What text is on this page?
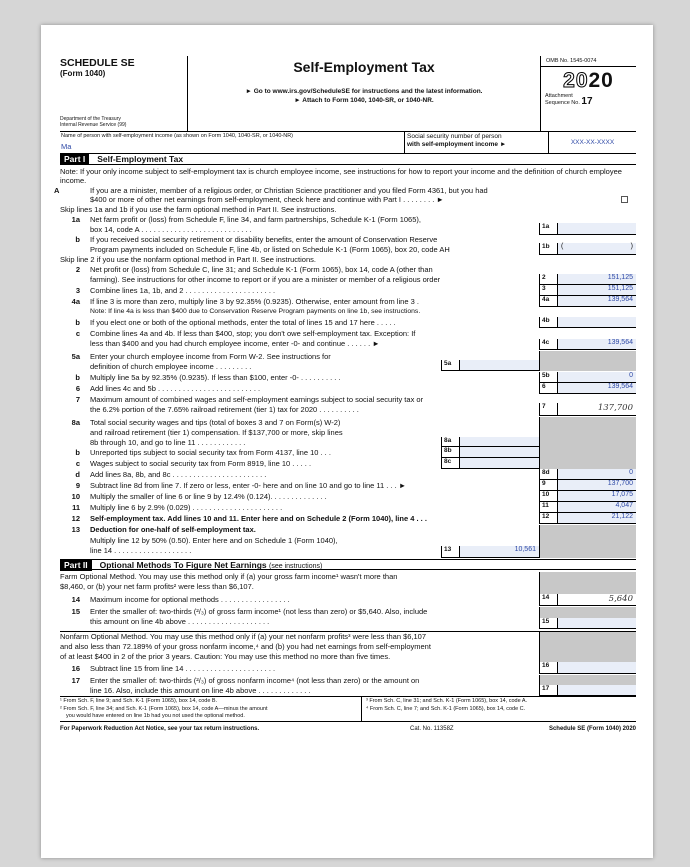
SCHEDULE SE
(Form 1040)
Department of the Treasury
Internal Revenue Service (99)
Self-Employment Tax
► Go to www.irs.gov/ScheduleSE for instructions and the latest information.
► Attach to Form 1040, 1040-SR, or 1040-NR.
OMB No. 1545-0074
2020
Attachment
Sequence No. 17
Name of person with self-employment income (as shown on Form 1040, 1040-SR, or 1040-NR)
Ma
Social security number of person
with self-employment income ►	XXX-XX-XXXX
Part I Self-Employment Tax
Note: If your only income subject to self-employment tax is church employee income, see instructions for how to report your income and the definition of church employee income.
A	If you are a minister, member of a religious order, or Christian Science practitioner and you filed Form 4361, but you had
$400 or more of other net earnings from self-employment, check here and continue with Part I . . . . . . . . ►
Skip lines 1a and 1b if you use the farm optional method in Part II. See instructions.
1a Net farm profit or (loss) from Schedule F, line 34, and farm partnerships, Schedule K-1 (Form 1065),
box 14, code A . . . . . . . . . . . . . . . . . . . . . . . . . . .	1a
b If you received social security retirement or disability benefits, enter the amount of Conservation Reserve
Program payments included on Schedule F, line 4b, or listed on Schedule K-1 (Form 1065), box 20, code AH	1b	(	)
Skip line 2 if you use the nonfarm optional method in Part II. See instructions.
2 Net profit or (loss) from Schedule C, line 31; and Schedule K-1 (Form 1065), box 14, code A (other than
farming). See instructions for other income to report or if you are a minister or member of a religious order	2	151,125
3 Combine lines 1a, 1b, and 2 . . . . . . . . . . . . . . . . . . . . . .	3	151,125
4a If line 3 is more than zero, multiply line 3 by 92.35% (0.9235). Otherwise, enter amount from line 3 .	4a	139,564
Note: If line 4a is less than $400 due to Conservation Reserve Program payments on line 1b, see instructions.
b If you elect one or both of the optional methods, enter the total of lines 15 and 17 here . . . . .	4b
c Combine lines 4a and 4b. If less than $400, stop; you don't owe self-employment tax. Exception: If
less than $400 and you had church employee income, enter -0- and continue . . . . . . ►	4c	139,564
5a Enter your church employee income from Form W-2. See instructions for
definition of church employee income . . . . . . . . .	5a
b Multiply line 5a by 92.35% (0.9235). If less than $100, enter -0- . . . . . . . . . .	5b	0
6 Add lines 4c and 5b . . . . . . . . . . . . . . . . . . . . . . . . .	6	139,564
7 Maximum amount of combined wages and self-employment earnings subject to social security tax or
the 6.2% portion of the 7.65% railroad retirement (tier 1) tax for 2020 . . . . . . . . . .	7	137,700
8a Total social security wages and tips (total of boxes 3 and 7 on Form(s) W-2)
and railroad retirement (tier 1) compensation. If $137,700 or more, skip lines
8b through 10, and go to line 11 . . . . . . . . . . . .	8a
b Unreported tips subject to social security tax from Form 4137, line 10 . . .	8b
c Wages subject to social security tax from Form 8919, line 10 . . . . .	8c
d Add lines 8a, 8b, and 8c . . . . . . . . . . . . . . . . . . . . . . .	8d	0
9 Subtract line 8d from line 7. If zero or less, enter -0- here and on line 10 and go to line 11 . . . ►	9	137,700
10 Multiply the smaller of line 6 or line 9 by 12.4% (0.124). . . . . . . . . . . . . .	10	17,075
11 Multiply line 6 by 2.9% (0.029) . . . . . . . . . . . . . . . . . . . . . .	11	4,047
12 Self-employment tax. Add lines 10 and 11. Enter here and on Schedule 2 (Form 1040), line 4 . . .	12	21,122
13 Deduction for one-half of self-employment tax.
Multiply line 12 by 50% (0.50). Enter here and on Schedule 1 (Form 1040),
line 14 . . . . . . . . . . . . . . . . . . .	13	10,561
Part II Optional Methods To Figure Net Earnings (see instructions)
Farm Optional Method. You may use this method only if (a) your gross farm income¹ wasn't more than
$8,460, or (b) your net farm profits² were less than $6,107.
14 Maximum income for optional methods . . . . . . . . . . . . . . . . .	14	5,640
15 Enter the smaller of: two-thirds (²/₃) of gross farm income¹ (not less than zero) or $5,640. Also, include
this amount on line 4b above . . . . . . . . . . . . . . . . . . . .	15
Nonfarm Optional Method. You may use this method only if (a) your net nonfarm profits³ were less than $6,107
and also less than 72.189% of your gross nonfarm income,⁴ and (b) you had net earnings from self-employment
of at least $400 in 2 of the prior 3 years. Caution: You may use this method no more than five times.
16 Subtract line 15 from line 14 . . . . . . . . . . . . . . . . . . . . . .	16
17 Enter the smaller of: two-thirds (²/₃) of gross nonfarm income⁴ (not less than zero) or the amount on
line 16. Also, include this amount on line 4b above . . . . . . . . . . . . .	17
¹ From Sch. F, line 9; and Sch. K-1 (Form 1065), box 14, code B.
² From Sch. F, line 34; and Sch. K-1 (Form 1065), box 14, code A—minus the amount
you would have entered on line 1b had you not used the optional method.
³ From Sch. C, line 31; and Sch. K-1 (Form 1065), box 14, code A.
⁴ From Sch. C, line 7; and Sch. K-1 (Form 1065), box 14, code C.
For Paperwork Reduction Act Notice, see your tax return instructions.	Cat. No. 11358Z	Schedule SE (Form 1040) 2020
